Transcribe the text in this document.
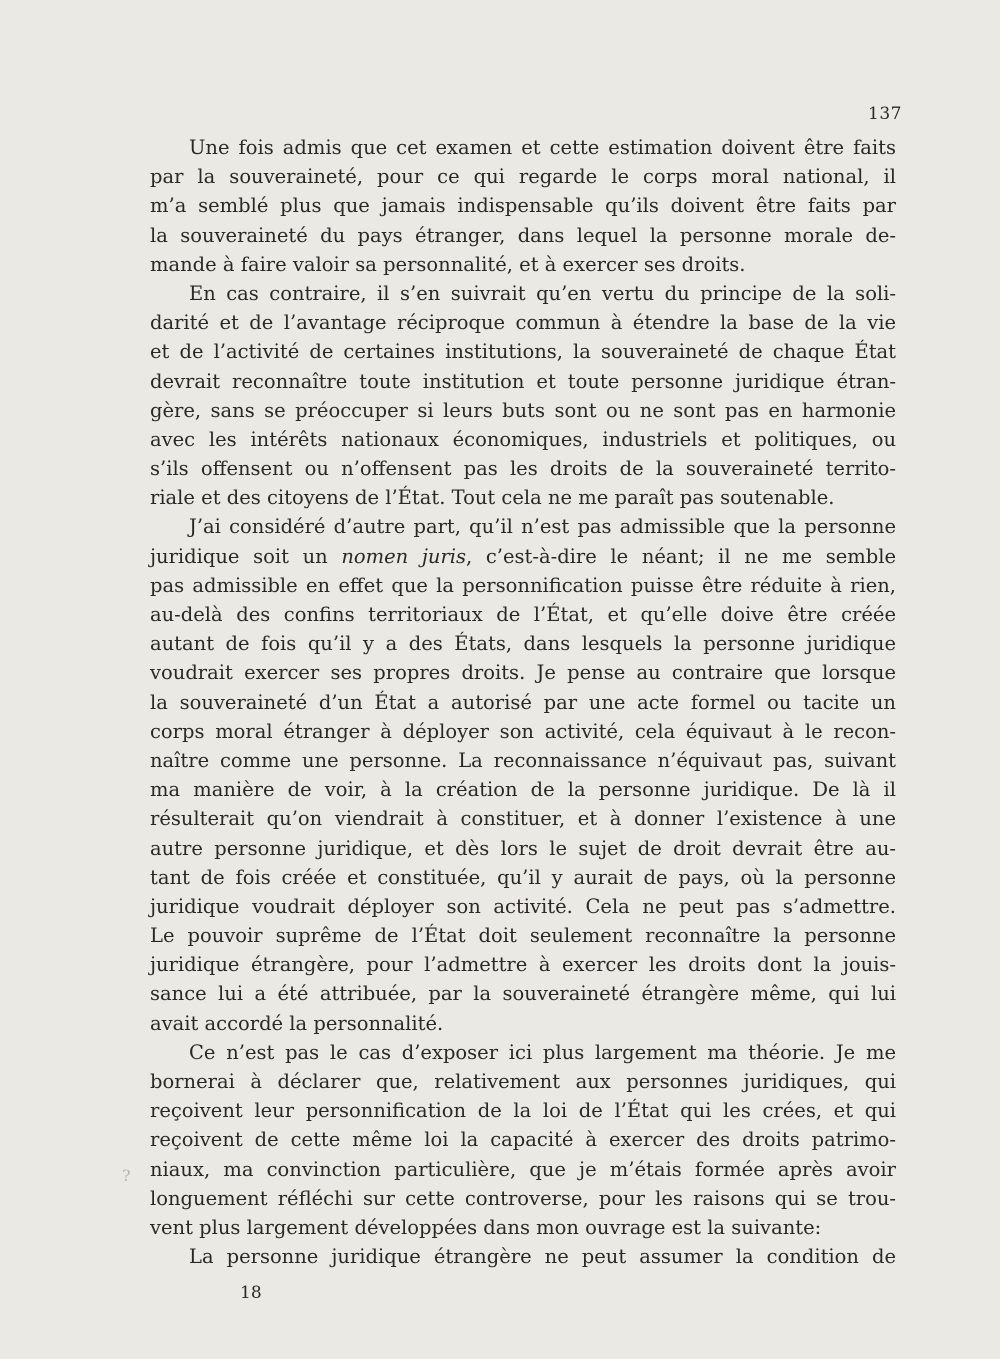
137
  Une fois admis que cet examen et cette estimation doivent être faits
par la souveraineté, pour ce qui regarde le corps moral national, il
m’a semblé plus que jamais indispensable qu’ils doivent être faits par
la souveraineté du pays étranger, dans lequel la personne morale de-
mande à faire valoir sa personnalité, et à exercer ses droits.
  En cas contraire, il s’en suivrait qu’en vertu du principe de la soli-
darité et de l’avantage réciproque commun à étendre la base de la vie
et de l’activité de certaines institutions, la souveraineté de chaque État
devrait reconnaître toute institution et toute personne juridique étran-
gère, sans se préoccuper si leurs buts sont ou ne sont pas en harmonie
avec les intérêts nationaux économiques, industriels et politiques, ou
s’ils offensent ou n’offensent pas les droits de la souveraineté territo-
riale et des citoyens de l’État. Tout cela ne me paraît pas soutenable.
  J’ai considéré d’autre part, qu’il n’est pas admissible que la personne
juridique soit un nomen juris, c’est-à-dire le néant; il ne me semble
pas admissible en effet que la personnification puisse être réduite à rien,
au-delà des confins territoriaux de l’État, et qu’elle doive être créée
autant de fois qu’il y a des États, dans lesquels la personne juridique
voudrait exercer ses propres droits. Je pense au contraire que lorsque
la souveraineté d’un État a autorisé par une acte formel ou tacite un
corps moral étranger à déployer son activité, cela équivaut à le recon-
naître comme une personne. La reconnaissance n’équivaut pas, suivant
ma manière de voir, à la création de la personne juridique. De là il
résulterait qu’on viendrait à constituer, et à donner l’existence à une
autre personne juridique, et dès lors le sujet de droit devrait être au-
tant de fois créée et constituée, qu’il y aurait de pays, où la personne
juridique voudrait déployer son activité. Cela ne peut pas s’admettre.
Le pouvoir suprême de l’État doit seulement reconnaître la personne
juridique étrangère, pour l’admettre à exercer les droits dont la jouis-
sance lui a été attribuée, par la souveraineté étrangère même, qui lui
avait accordé la personnalité.
  Ce n’est pas le cas d’exposer ici plus largement ma théorie. Je me
bornerai à déclarer que, relativement aux personnes juridiques, qui
reçoivent leur personnification de la loi de l’État qui les crées, et qui
reçoivent de cette même loi la capacité à exercer des droits patrimo-
niaux, ma convinction particulière, que je m’étais formée après avoir
longuement réfléchi sur cette controverse, pour les raisons qui se trou-
vent plus largement développées dans mon ouvrage est la suivante:
  La personne juridique étrangère ne peut assumer la condition de
?
18
